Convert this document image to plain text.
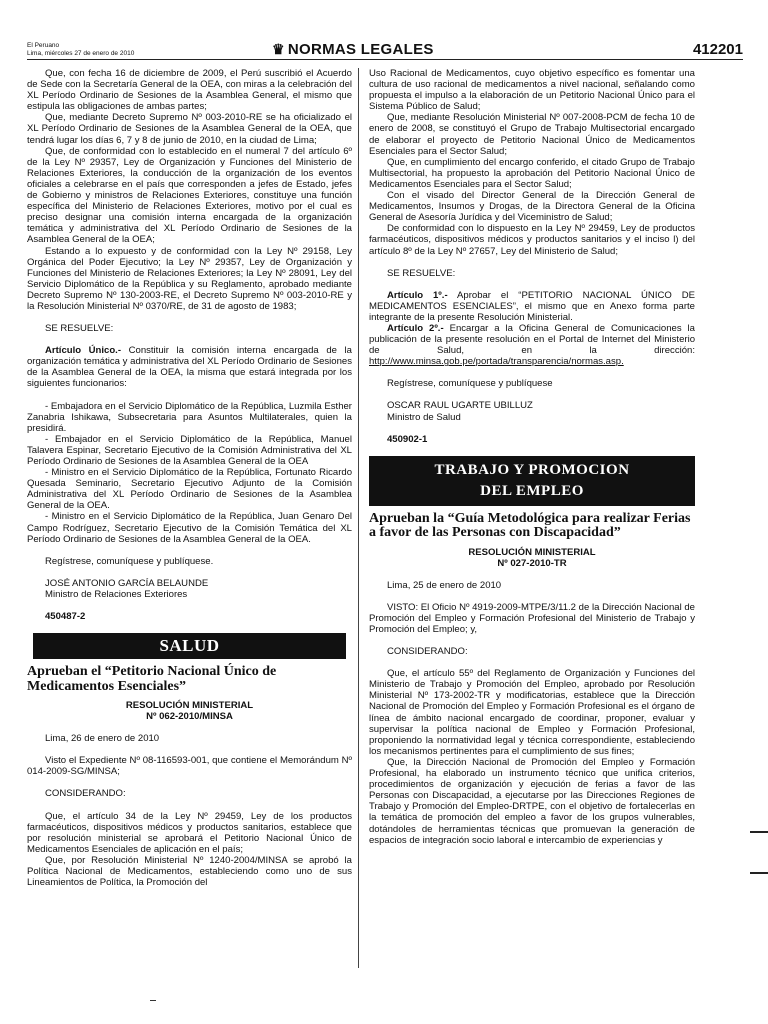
El Peruano
Lima, miércoles 27 de enero de 2010	♛ NORMAS LEGALES	412201

Que, con fecha 16 de diciembre de 2009, el Perú suscribió el Acuerdo de Sede con la Secretaría General de la OEA, con miras a la celebración del XL Período Ordinario de Sesiones de la Asamblea General, el mismo que estipula las obligaciones de ambas partes;

Que, mediante Decreto Supremo Nº 003-2010-RE se ha oficializado el XL Período Ordinario de Sesiones de la Asamblea General de la OEA, que tendrá lugar los días 6, 7 y 8 de junio de 2010, en la ciudad de Lima;

Que, de conformidad con lo establecido en el numeral 7 del artículo 6º de la Ley Nº 29357, Ley de Organización y Funciones del Ministerio de Relaciones Exteriores, la conducción de la organización de los eventos oficiales a celebrarse en el país que corresponden a jefes de Estado, jefes de Gobierno y ministros de Relaciones Exteriores, constituye una función específica del Ministerio de Relaciones Exteriores, motivo por el cual es preciso designar una comisión interna encargada de la organización temática y administrativa del XL Período Ordinario de Sesiones de la Asamblea General de la OEA;

Estando a lo expuesto y de conformidad con la Ley Nº 29158, Ley Orgánica del Poder Ejecutivo; la Ley Nº 29357, Ley de Organización y Funciones del Ministerio de Relaciones Exteriores; la Ley Nº 28091, Ley del Servicio Diplomático de la República y su Reglamento, aprobado mediante Decreto Supremo Nº 130-2003-RE, el Decreto Supremo Nº 003-2010-RE y la Resolución Ministerial Nº 0370/RE, de 31 de agosto de 1983;

SE RESUELVE:

Artículo Único.- Constituir la comisión interna encargada de la organización temática y administrativa del XL Período Ordinario de Sesiones de la Asamblea General de la OEA, la misma que estará integrada por los siguientes funcionarios:

- Embajadora en el Servicio Diplomático de la República, Luzmila Esther Zanabria Ishikawa, Subsecretaria para Asuntos Multilaterales, quien la presidirá.

- Embajador en el Servicio Diplomático de la República, Manuel Talavera Espinar, Secretario Ejecutivo de la Comisión Administrativa del XL Período Ordinario de Sesiones de la Asamblea General de la OEA

- Ministro en el Servicio Diplomático de la República, Fortunato Ricardo Quesada Seminario, Secretario Ejecutivo Adjunto de la Comisión Administrativa del XL Período Ordinario de Sesiones de la Asamblea General de la OEA.

- Ministro en el Servicio Diplomático de la República, Juan Genaro Del Campo Rodríguez, Secretario Ejecutivo de la Comisión Temática del XL Período Ordinario de Sesiones de la Asamblea General de la OEA.

Regístrese, comuníquese y publíquese.

JOSÉ ANTONIO GARCÍA BELAUNDE

Ministro de Relaciones Exteriores

450487-2

SALUD

Aprueban el “Petitorio Nacional Único de Medicamentos Esenciales”

RESOLUCIÓN MINISTERIAL

Nº 062-2010/MINSA

Lima, 26 de enero de 2010

Visto el Expediente Nº 08-116593-001, que contiene el Memorándum Nº 014-2009-SG/MINSA;

CONSIDERANDO:

Que, el artículo 34 de la Ley Nº 29459, Ley de los productos farmacéuticos, dispositivos médicos y productos sanitarios, establece que por resolución ministerial se aprobará el Petitorio Nacional Único de Medicamentos Esenciales de aplicación en el país;

Que, por Resolución Ministerial Nº 1240-2004/MINSA se aprobó la Política Nacional de Medicamentos, estableciendo como uno de sus Lineamientos de Política, la Promoción del

Uso Racional de Medicamentos, cuyo objetivo específico es fomentar una cultura de uso racional de medicamentos a nivel nacional, señalando como propuesta el impulso a la elaboración de un Petitorio Nacional Único para el Sistema Público de Salud;

Que, mediante Resolución Ministerial Nº 007-2008-PCM de fecha 10 de enero de 2008, se constituyó el Grupo de Trabajo Multisectorial encargado de elaborar el proyecto de Petitorio Nacional Único de Medicamentos Esenciales para el Sector Salud;

Que, en cumplimiento del encargo conferido, el citado Grupo de Trabajo Multisectorial, ha propuesto la aprobación del Petitorio Nacional Único de Medicamentos Esenciales para el Sector Salud;

Con el visado del Director General de la Dirección General de Medicamentos, Insumos y Drogas, de la Directora General de la Oficina General de Asesoría Jurídica y del Viceministro de Salud;

De conformidad con lo dispuesto en la Ley Nº 29459, Ley de productos farmacéuticos, dispositivos médicos y productos sanitarios y el inciso l) del artículo 8º de la Ley Nº 27657, Ley del Ministerio de Salud;

SE RESUELVE:

Artículo 1º.- Aprobar el “PETITORIO NACIONAL ÚNICO DE MEDICAMENTOS ESENCIALES”, el mismo que en Anexo forma parte integrante de la presente Resolución Ministerial.

Artículo 2º.- Encargar a la Oficina General de Comunicaciones la publicación de la presente resolución en el Portal de Internet del Ministerio de Salud, en la dirección: http://www.minsa.gob.pe/portada/transparencia/normas.asp.

Regístrese, comuníquese y publíquese

OSCAR RAUL UGARTE UBILLUZ

Ministro de Salud

450902-1

TRABAJO Y PROMOCION
DEL EMPLEO

Aprueban la “Guía Metodológica para realizar Ferias a favor de las Personas con Discapacidad”

RESOLUCIÓN MINISTERIAL

Nº 027-2010-TR

Lima, 25 de enero de 2010

VISTO: El Oficio Nº 4919-2009-MTPE/3/11.2 de la Dirección Nacional de Promoción del Empleo y Formación Profesional del Ministerio de Trabajo y Promoción del Empleo; y,

CONSIDERANDO:

Que, el artículo 55º del Reglamento de Organización y Funciones del Ministerio de Trabajo y Promoción del Empleo, aprobado por Resolución Ministerial Nº 173-2002-TR y modificatorias, establece que la Dirección Nacional de Promoción del Empleo y Formación Profesional es el órgano de línea de ámbito nacional encargado de coordinar, proponer, evaluar y supervisar la política nacional de Empleo y Formación Profesional, proponiendo la normatividad legal y técnica correspondiente, estableciendo los mecanismos pertinentes para el cumplimiento de sus fines;

Que, la Dirección Nacional de Promoción del Empleo y Formación Profesional, ha elaborado un instrumento técnico que unifica criterios, procedimientos de organización y ejecución de ferias a favor de las Personas con Discapacidad, a ejecutarse por las Direcciones Regiones de Trabajo y Promoción del Empleo-DRTPE, con el objetivo de fortalecerlas en la temática de promoción del empleo a favor de los grupos vulnerables, dotándoles de herramientas técnicas que promuevan la generación de espacios de integración socio laboral e intercambio de experiencias y
